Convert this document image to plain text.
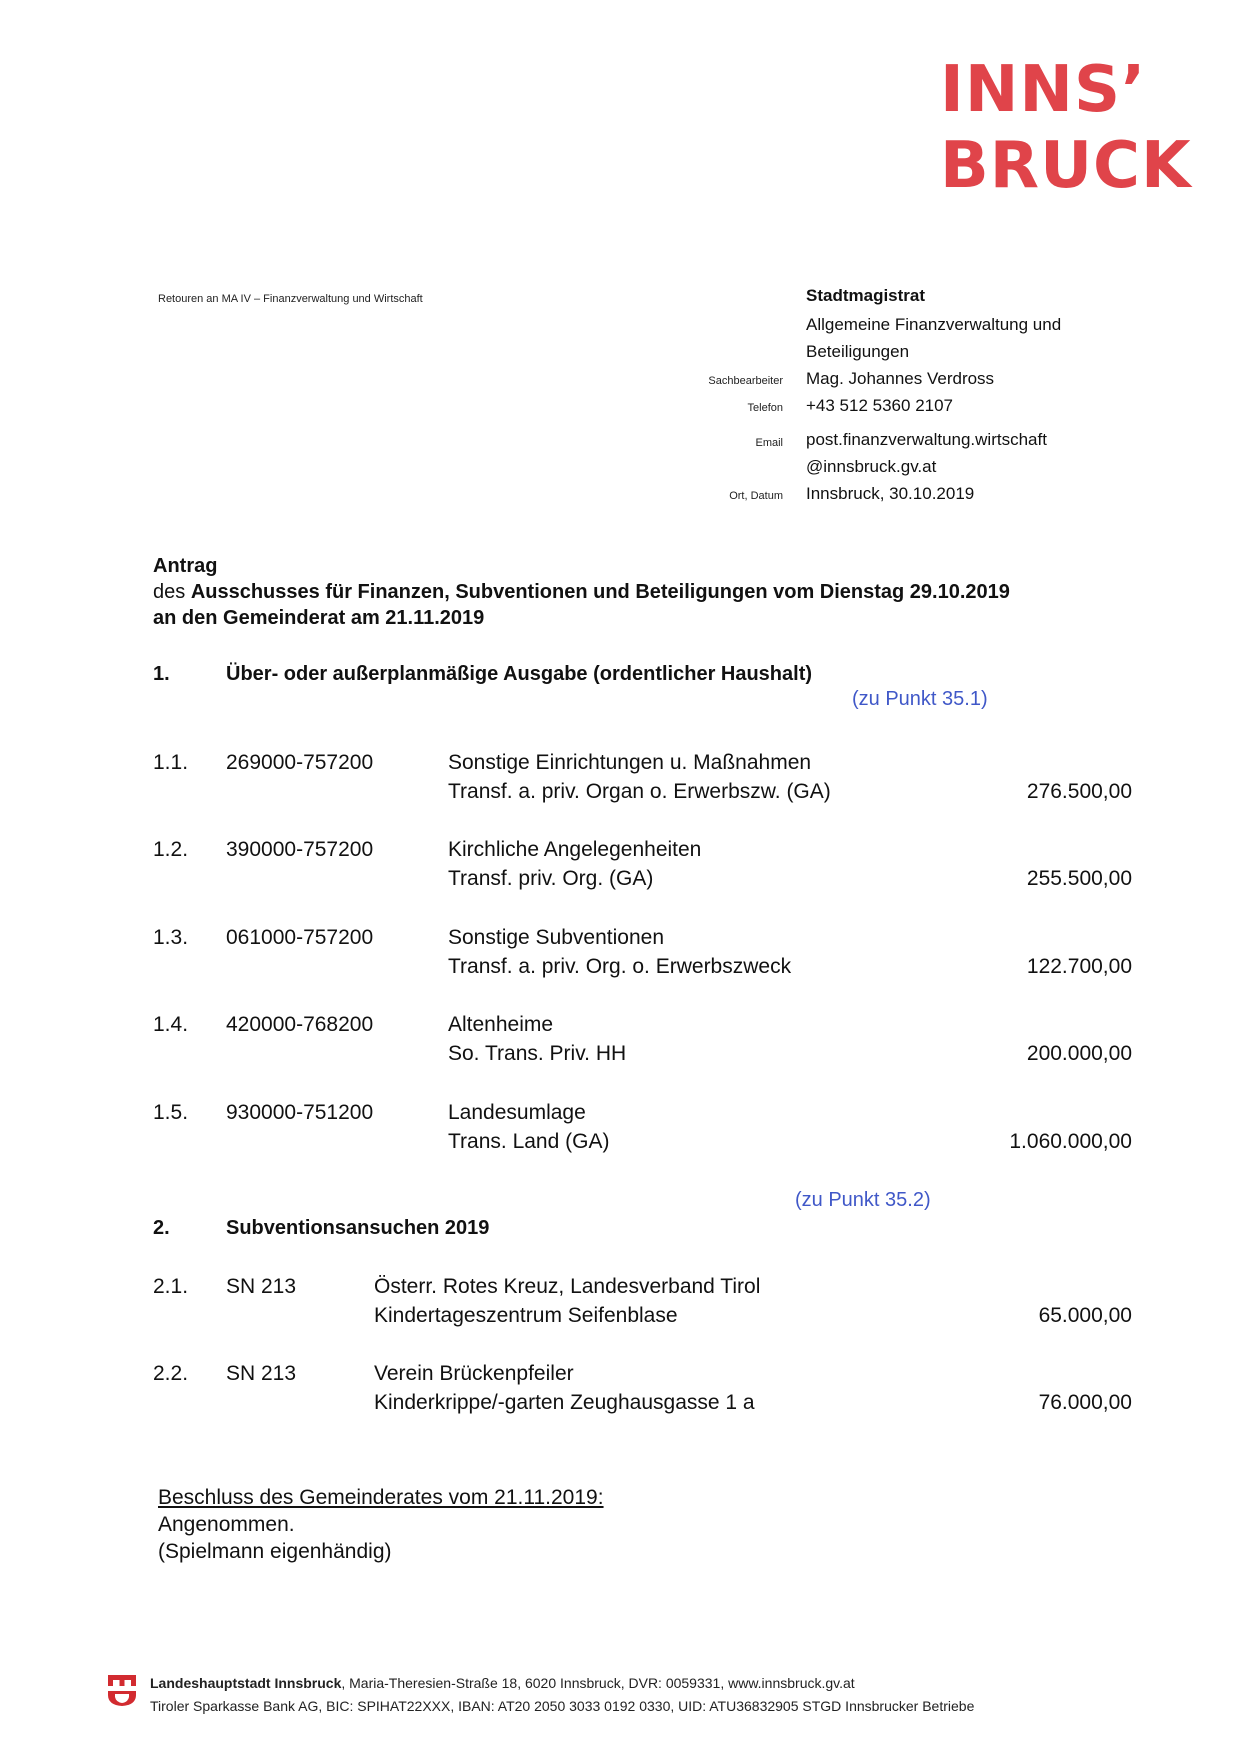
INNS’
BRUCK
Retouren an MA IV – Finanzverwaltung und Wirtschaft	Stadtmagistrat
Allgemeine Finanzverwaltung und
Beteiligungen
Sachbearbeiter Mag. Johannes Verdross
Telefon +43 512 5360 2107
Email post.finanzverwaltung.wirtschaft
@innsbruck.gv.at
Ort, Datum Innsbruck, 30.10.2019
Antrag
des Ausschusses für Finanzen, Subventionen und Beteiligungen vom Dienstag 29.10.2019
an den Gemeinderat am 21.11.2019
1.	Über- oder außerplanmäßige Ausgabe (ordentlicher Haushalt)
(zu Punkt 35.1)
1.1. 269000-757200	Sonstige Einrichtungen u. Maßnahmen
Transf. a. priv. Organ o. Erwerbszw. (GA)	276.500,00
1.2. 390000-757200	Kirchliche Angelegenheiten
Transf. priv. Org. (GA)	255.500,00
1.3. 061000-757200	Sonstige Subventionen
Transf. a. priv. Org. o. Erwerbszweck	122.700,00
1.4. 420000-768200	Altenheime
So. Trans. Priv. HH	200.000,00
1.5. 930000-751200	Landesumlage
Trans. Land (GA)	1.060.000,00
(zu Punkt 35.2)
2.	Subventionsansuchen 2019
2.1. SN 213	Österr. Rotes Kreuz, Landesverband Tirol
Kindertageszentrum Seifenblase	65.000,00
2.2. SN 213	Verein Brückenpfeiler
Kinderkrippe/-garten Zeughausgasse 1 a	76.000,00
Beschluss des Gemeinderates vom 21.11.2019:
Angenommen.
(Spielmann eigenhändig)
Landeshauptstadt Innsbruck, Maria-Theresien-Straße 18, 6020 Innsbruck, DVR: 0059331, www.innsbruck.gv.at
Tiroler Sparkasse Bank AG, BIC: SPIHAT22XXX, IBAN: AT20 2050 3033 0192 0330, UID: ATU36832905 STGD Innsbrucker Betriebe
